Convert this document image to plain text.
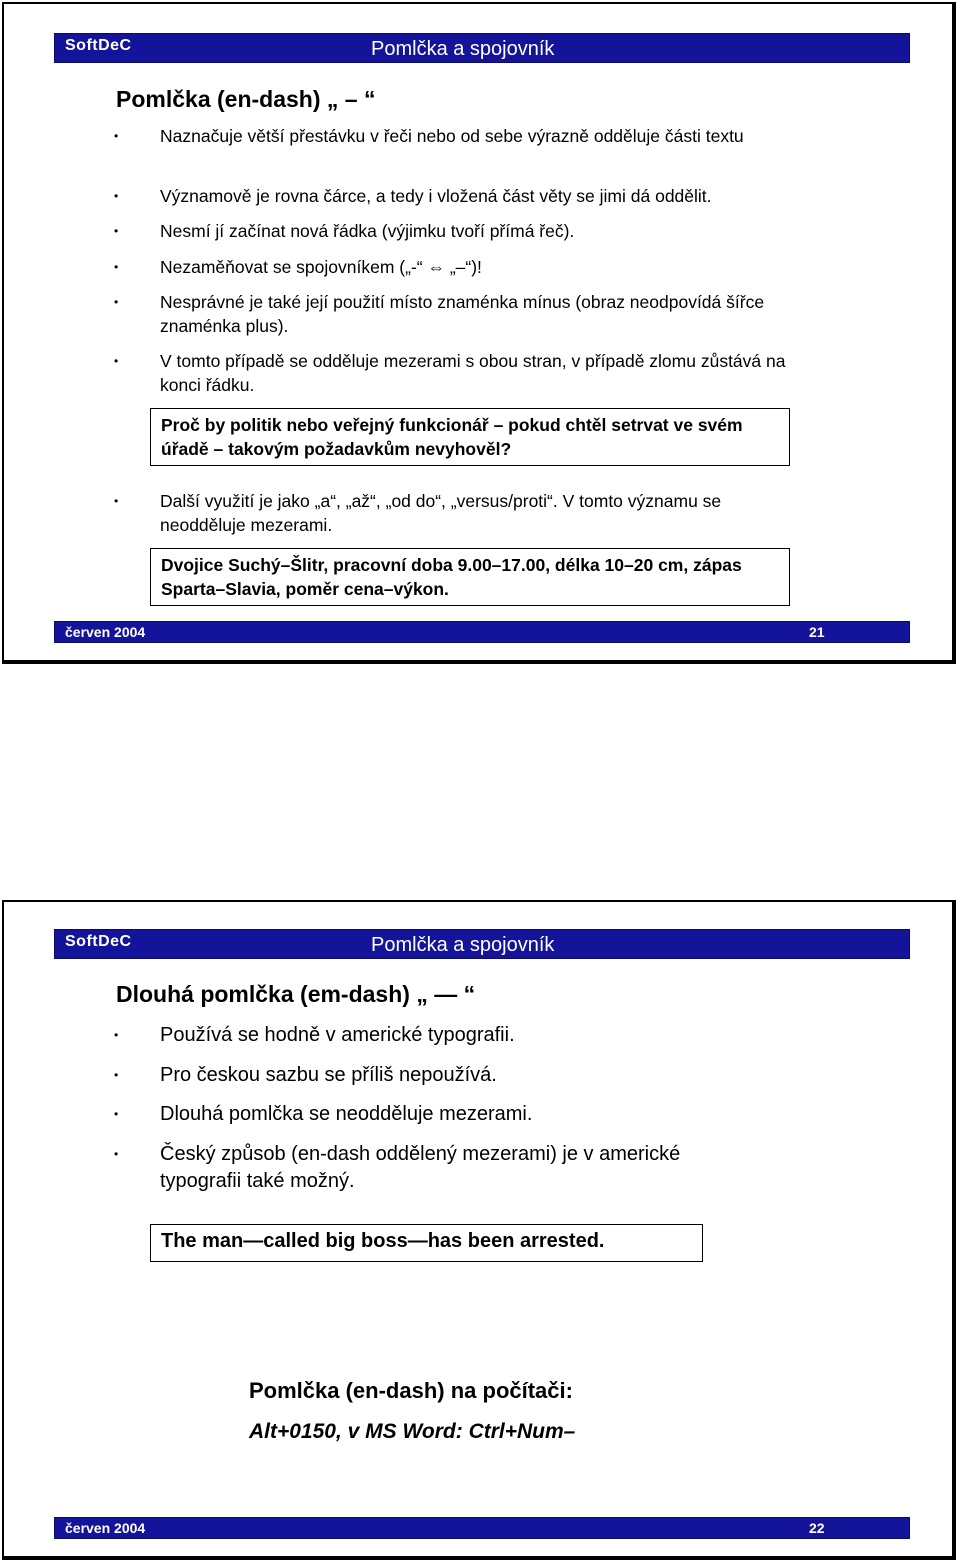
SoftDeC	Pomlčka a spojovník
Pomlčka (en-dash) „ – “
• Naznačuje větší přestávku v řeči nebo od sebe výrazně odděluje části textu
• Významově je rovna čárce, a tedy i vložená část věty se jimi dá oddělit.
• Nesmí jí začínat nová řádka (výjimku tvoří přímá řeč).
• Nezaměňovat se spojovníkem („-“ ⇔ „–“)!
• Nesprávné je také její použití místo znaménka mínus (obraz neodpovídá šířce znaménka plus).
• V tomto případě se odděluje mezerami s obou stran, v případě zlomu zůstává na konci řádku.
Proč by politik nebo veřejný funkcionář – pokud chtěl setrvat ve svém úřadě – takovým požadavkům nevyhověl?
• Další využití je jako „a“, „až“, „od do“, „versus/proti“. V tomto významu se neodděluje mezerami.
Dvojice Suchý–Šlitr, pracovní doba 9.00–17.00, délka 10–20 cm, zápas Sparta–Slavia, poměr cena–výkon.
červen 2004	21
SoftDeC	Pomlčka a spojovník
Dlouhá pomlčka (em-dash) „ — “
• Používá se hodně v americké typografii.
• Pro českou sazbu se příliš nepoužívá.
• Dlouhá pomlčka se neodděluje mezerami.
• Český způsob (en-dash oddělený mezerami) je v americké typografii také možný.
The man—called big boss—has been arrested.
Pomlčka (en-dash) na počítači:
Alt+0150, v MS Word: Ctrl+Num–
červen 2004	22
